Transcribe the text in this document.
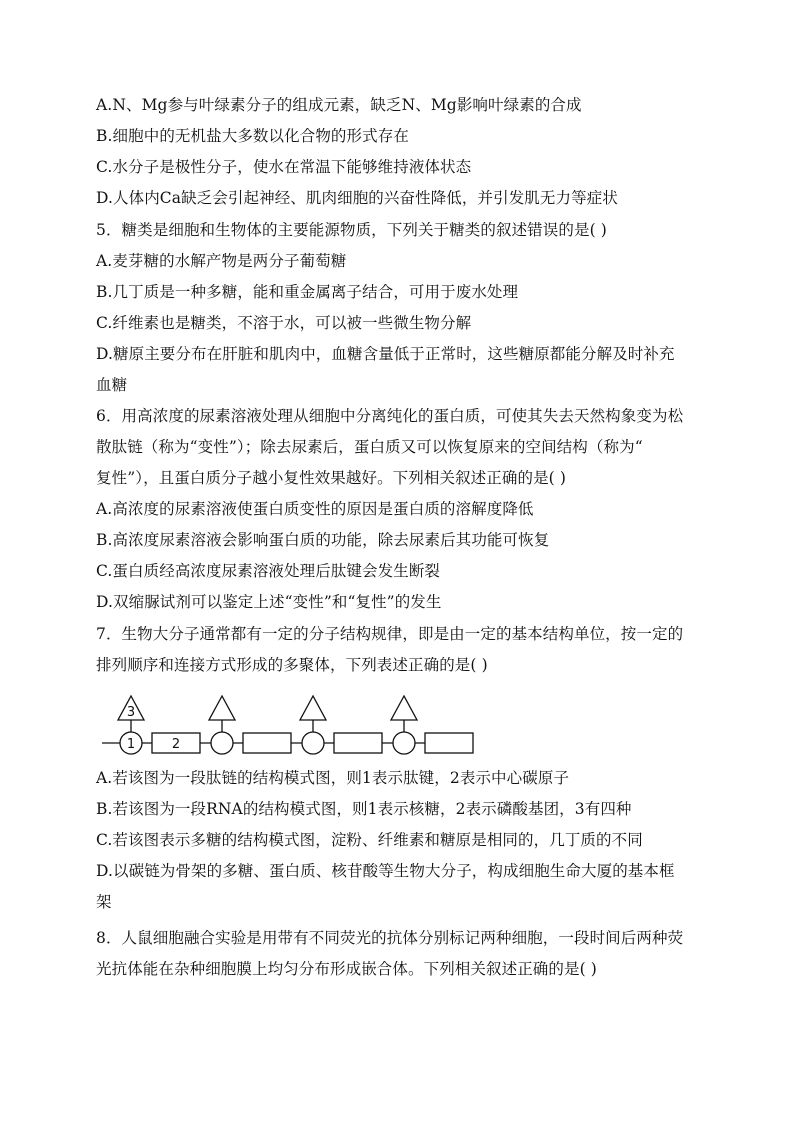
A.N、Mg参与叶绿素分子的组成元素，缺乏N、Mg影响叶绿素的合成
B.细胞中的无机盐大多数以化合物的形式存在
C.水分子是极性分子，使水在常温下能够维持液体状态
D.人体内Ca缺乏会引起神经、肌肉细胞的兴奋性降低，并引发肌无力等症状
5．糖类是细胞和生物体的主要能源物质，下列关于糖类的叙述错误的是( )
A.麦芽糖的水解产物是两分子葡萄糖
B.几丁质是一种多糖，能和重金属离子结合，可用于废水处理
C.纤维素也是糖类，不溶于水，可以被一些微生物分解
D.糖原主要分布在肝脏和肌肉中，血糖含量低于正常时，这些糖原都能分解及时补充
血糖
6．用高浓度的尿素溶液处理从细胞中分离纯化的蛋白质，可使其失去天然构象变为松
散肽链（称为“变性”）；除去尿素后，蛋白质又可以恢复原来的空间结构（称为“
复性”），且蛋白质分子越小复性效果越好。下列相关叙述正确的是( )
A.高浓度的尿素溶液使蛋白质变性的原因是蛋白质的溶解度降低
B.高浓度尿素溶液会影响蛋白质的功能，除去尿素后其功能可恢复
C.蛋白质经高浓度尿素溶液处理后肽键会发生断裂
D.双缩脲试剂可以鉴定上述“变性”和“复性”的发生
7．生物大分子通常都有一定的分子结构规律，即是由一定的基本结构单位，按一定的
排列顺序和连接方式形成的多聚体，下列表述正确的是( )
1	2
3
A.若该图为一段肽链的结构模式图，则1表示肽键，2表示中心碳原子
B.若该图为一段RNA的结构模式图，则1表示核糖，2表示磷酸基团，3有四种
C.若该图表示多糖的结构模式图，淀粉、纤维素和糖原是相同的，几丁质的不同
D.以碳链为骨架的多糖、蛋白质、核苷酸等生物大分子，构成细胞生命大厦的基本框
架
8．人鼠细胞融合实验是用带有不同荧光的抗体分别标记两种细胞，一段时间后两种荧
光抗体能在杂种细胞膜上均匀分布形成嵌合体。下列相关叙述正确的是( )
